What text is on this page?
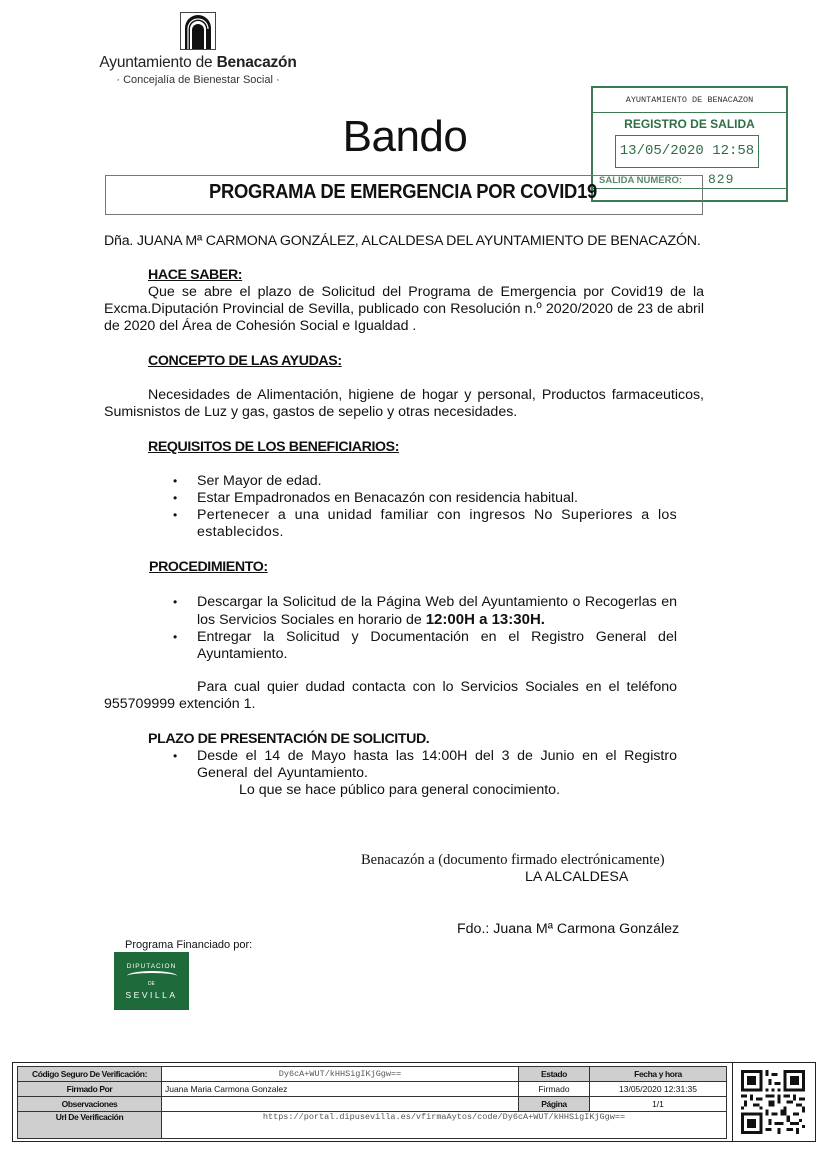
Ayuntamiento de Benacazón
· Concejalía de Bienestar Social ·
AYUNTAMIENTO DE BENACAZON
REGISTRO DE SALIDA
13/05/2020 12:58
SALIDA NÚMERO: 829
Bando
PROGRAMA DE EMERGENCIA POR COVID19
Dña. JUANA Mª CARMONA GONZÁLEZ, ALCALDESA DEL AYUNTAMIENTO DE BENACAZÓN.
HACE SABER:
Que se abre el plazo de Solicitud del Programa de Emergencia por Covid19 de la Excma.Diputación Provincial de Sevilla, publicado con Resolución n.º 2020/2020 de 23 de abril de 2020 del Área de Cohesión Social e Igualdad .
CONCEPTO DE LAS AYUDAS:
Necesidades de Alimentación, higiene de hogar y personal, Productos farmaceuticos, Sumisnistos de Luz y gas, gastos de sepelio y otras necesidades.
REQUISITOS DE LOS BENEFICIARIOS:
• Ser Mayor de edad.
• Estar Empadronados en Benacazón con residencia habitual.
• Pertenecer a una unidad familiar con ingresos No Superiores a los establecidos.
PROCEDIMIENTO:
• Descargar la Solicitud de la Página Web del Ayuntamiento o Recogerlas en los Servicios Sociales en horario de 12:00H a 13:30H.
• Entregar la Solicitud y Documentación en el Registro General del Ayuntamiento.
Para cual quier dudad contacta con lo Servicios Sociales en el teléfono 955709999 extención 1.
PLAZO DE PRESENTACIÓN DE SOLICITUD.
• Desde el 14 de Mayo hasta las 14:00H del 3 de Junio en el Registro General del Ayuntamiento.
Lo que se hace público para general conocimiento.
Benacazón a (documento firmado electrónicamente)
LA ALCALDESA
Fdo.: Juana Mª Carmona González
Programa Financiado por:
DIPUTACION
DE
SEVILLA
Código Seguro De Verificación:	Dy6cA+WUT/kHHSigIKjGgw==	Estado	Fecha y hora
Firmado Por	Juana Maria Carmona Gonzalez	Firmado	13/05/2020 12:31:35
Observaciones		Página	1/1
Url De Verificación	https://portal.dipusevilla.es/vfirmaAytos/code/Dy6cA+WUT/kHHSigIKjGgw==		
